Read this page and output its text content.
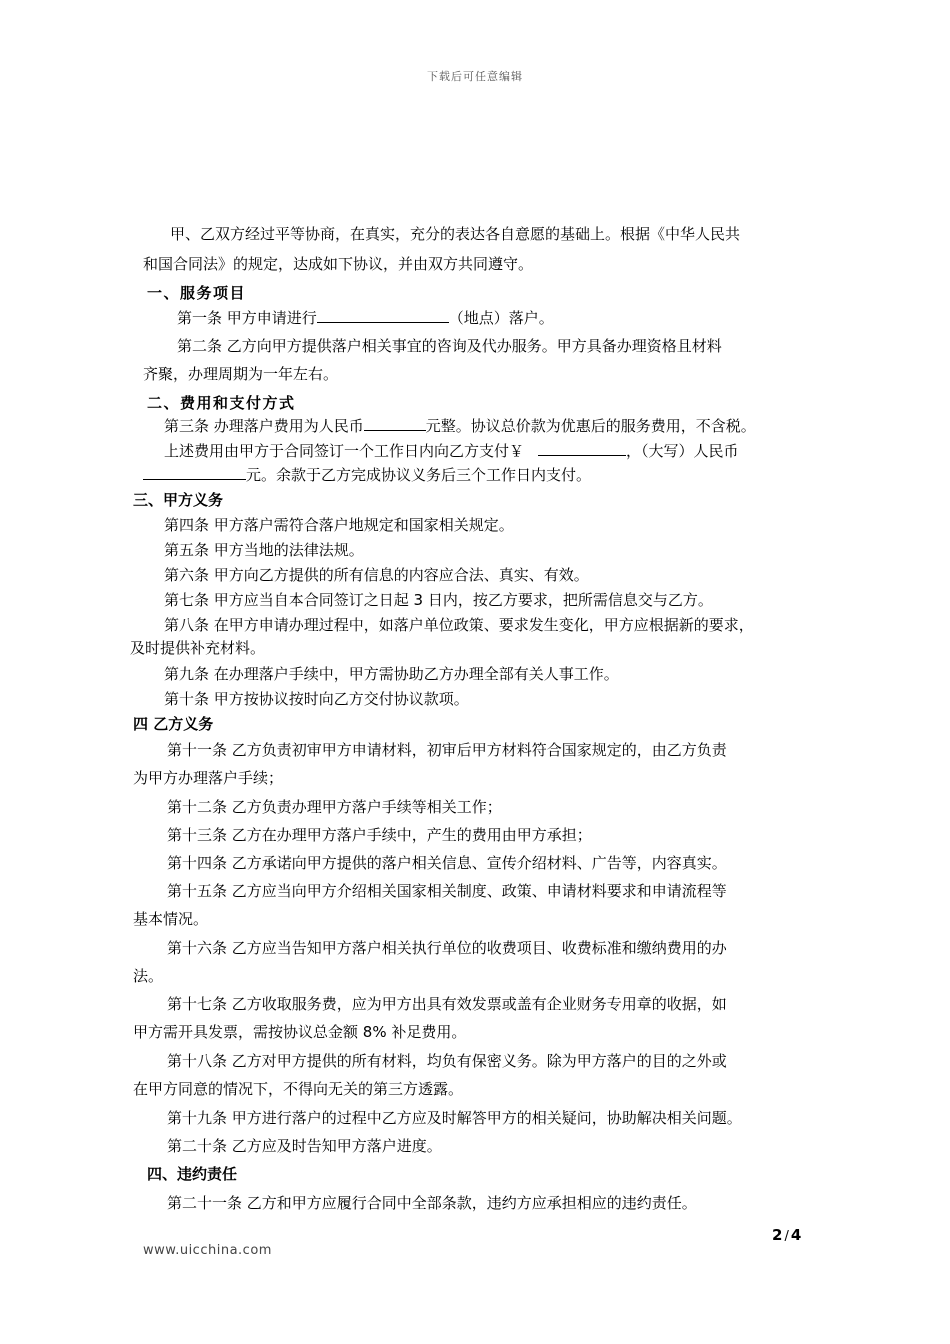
下载后可任意编辑
甲、乙双方经过平等协商，在真实，充分的表达各自意愿的基础上。根据《中华人民共
和国合同法》的规定，达成如下协议，并由双方共同遵守。
一、服务项目
第一条 甲方申请进行	（地点）落户。
第二条 乙方向甲方提供落户相关事宜的咨询及代办服务。甲方具备办理资格且材料
齐聚，办理周期为一年左右。
二、费用和支付方式
第三条 办理落户费用为人民币	元整。协议总价款为优惠后的服务费用，不含税。
上述费用由甲方于合同签订一个工作日内向乙方支付￥	，（大写）人民币
元。余款于乙方完成协议义务后三个工作日内支付。
三、甲方义务
第四条 甲方落户需符合落户地规定和国家相关规定。
第五条 甲方当地的法律法规。
第六条 甲方向乙方提供的所有信息的内容应合法、真实、有效。
第七条 甲方应当自本合同签订之日起 3 日内，按乙方要求，把所需信息交与乙方。
第八条 在甲方申请办理过程中，如落户单位政策、要求发生变化，甲方应根据新的要求，
及时提供补充材料。
第九条 在办理落户手续中，甲方需协助乙方办理全部有关人事工作。
第十条 甲方按协议按时向乙方交付协议款项。
四 乙方义务
第十一条 乙方负责初审甲方申请材料，初审后甲方材料符合国家规定的，由乙方负责
为甲方办理落户手续；
第十二条 乙方负责办理甲方落户手续等相关工作；
第十三条 乙方在办理甲方落户手续中，产生的费用由甲方承担；
第十四条 乙方承诺向甲方提供的落户相关信息、宣传介绍材料、广告等，内容真实。
第十五条 乙方应当向甲方介绍相关国家相关制度、政策、申请材料要求和申请流程等
基本情况。
第十六条 乙方应当告知甲方落户相关执行单位的收费项目、收费标准和缴纳费用的办
法。
第十七条 乙方收取服务费，应为甲方出具有效发票或盖有企业财务专用章的收据，如
甲方需开具发票，需按协议总金额 8% 补足费用。
第十八条 乙方对甲方提供的所有材料，均负有保密义务。除为甲方落户的目的之外或
在甲方同意的情况下，不得向无关的第三方透露。
第十九条 甲方进行落户的过程中乙方应及时解答甲方的相关疑问，协助解决相关问题。
第二十条 乙方应及时告知甲方落户进度。
四、违约责任
第二十一条 乙方和甲方应履行合同中全部条款，违约方应承担相应的违约责任。
2 / 4
www.uicchina.com
